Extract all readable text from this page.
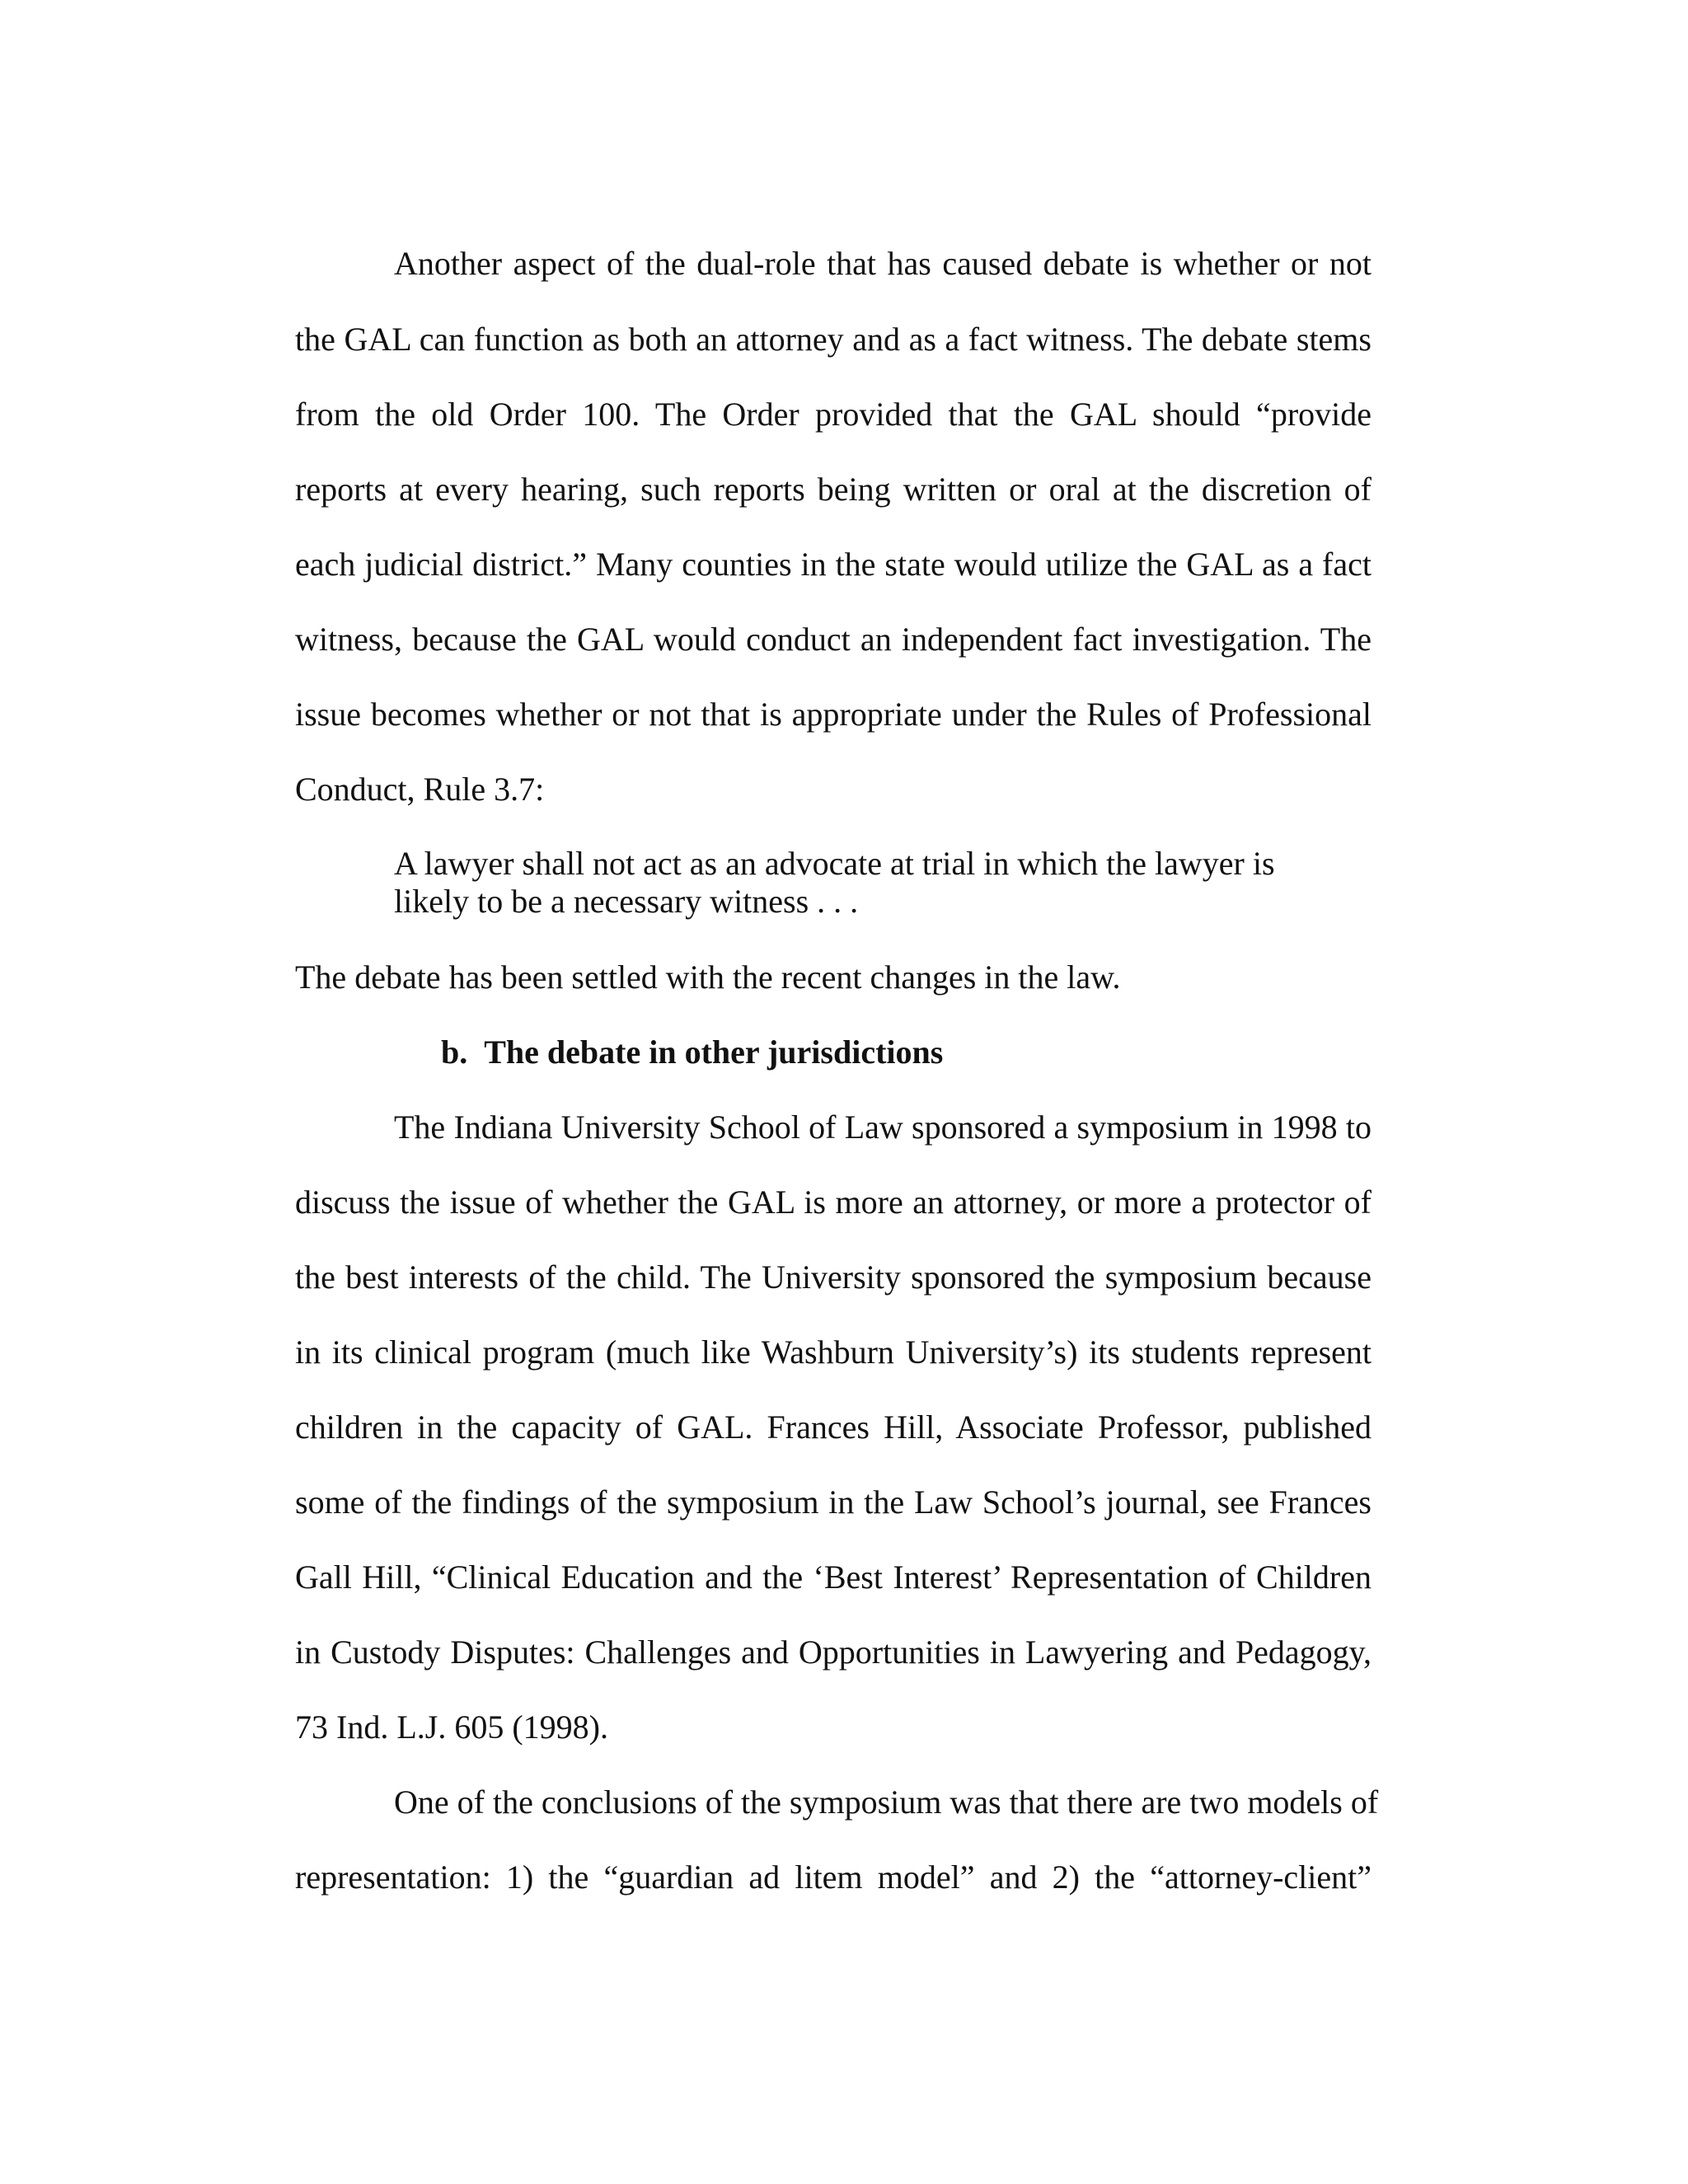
Another aspect of the dual-role that has caused debate is whether or not
the GAL can function as both an attorney and as a fact witness. The debate stems
from the old Order 100. The Order provided that the GAL should “provide
reports at every hearing, such reports being written or oral at the discretion of
each judicial district.” Many counties in the state would utilize the GAL as a fact
witness, because the GAL would conduct an independent fact investigation. The
issue becomes whether or not that is appropriate under the Rules of Professional
Conduct, Rule 3.7:
A lawyer shall not act as an advocate at trial in which the lawyer is
likely to be a necessary witness . . .
The debate has been settled with the recent changes in the law.
b. The debate in other jurisdictions
The Indiana University School of Law sponsored a symposium in 1998 to
discuss the issue of whether the GAL is more an attorney, or more a protector of
the best interests of the child. The University sponsored the symposium because
in its clinical program (much like Washburn University’s) its students represent
children in the capacity of GAL. Frances Hill, Associate Professor, published
some of the findings of the symposium in the Law School’s journal, see Frances
Gall Hill, “Clinical Education and the ‘Best Interest’ Representation of Children
in Custody Disputes: Challenges and Opportunities in Lawyering and Pedagogy,
73 Ind. L.J. 605 (1998).
One of the conclusions of the symposium was that there are two models of
representation: 1) the “guardian ad litem model” and 2) the “attorney-client”
